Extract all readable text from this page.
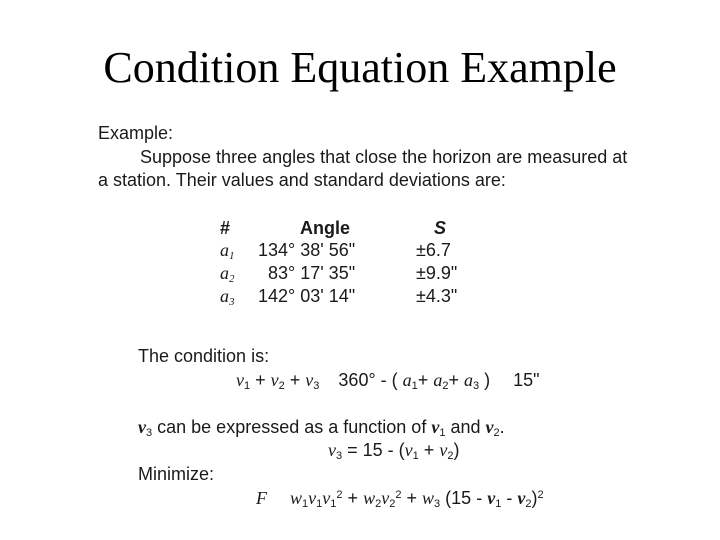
Condition Equation Example
Example:
Suppose three angles that close the horizon are measured at
a station. Their values and standard deviations are:
#	Angle	S
$a_1$ 134° 38' 56"	±6.7
$a_2$ 83° 17' 35"	±9.9"
$a_3$ 142° 03' 14"	±4.3"
The condition is:
$v_1 + v_2 + v_3$ 360° - ( $a_1+ a_2+ a_3$ ) 15"
$v_3$ can be expressed as a function of $v_1$ and $v_2$.
$v_3 = 15 - (v_1 + v_2)$
Minimize:
F $w_1v_1v_1^2 + w_2v_2^2 + w_3$ $(15 - v_1 - v_2)^2$
